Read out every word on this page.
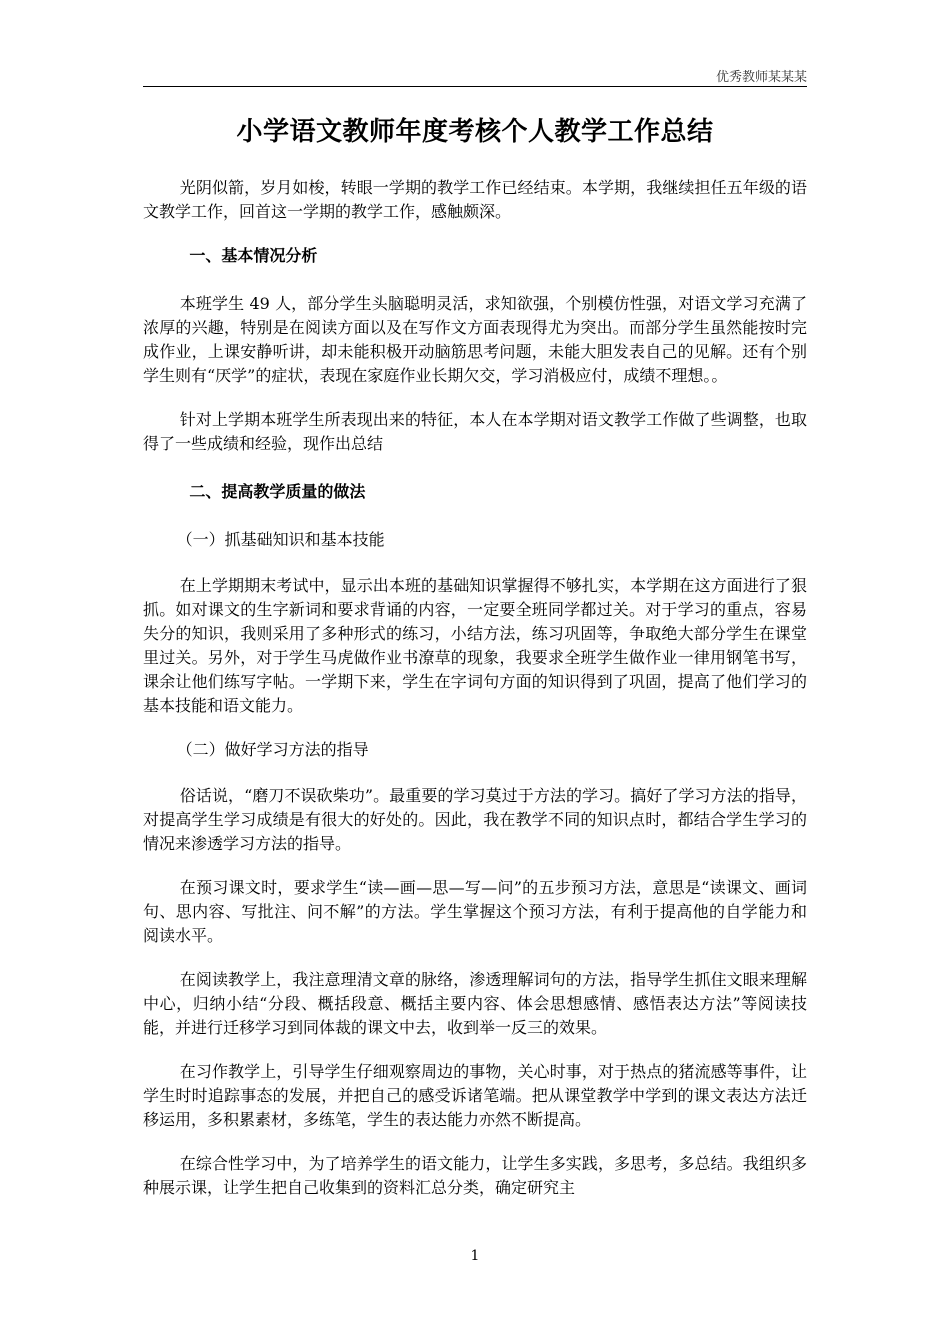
优秀教师某某某
小学语文教师年度考核个人教学工作总结

光阴似箭，岁月如梭，转眼一学期的教学工作已经结束。本学期，我继续担任五年级的语文教学工作，回首这一学期的教学工作，感触颇深。

一、基本情况分析

本班学生 49 人，部分学生头脑聪明灵活，求知欲强，个别模仿性强，对语文学习充满了浓厚的兴趣，特别是在阅读方面以及在写作文方面表现得尤为突出。而部分学生虽然能按时完成作业，上课安静听讲，却未能积极开动脑筋思考问题，未能大胆发表自己的见解。还有个别学生则有“厌学”的症状，表现在家庭作业长期欠交，学习消极应付，成绩不理想。。

针对上学期本班学生所表现出来的特征，本人在本学期对语文教学工作做了些调整，也取得了一些成绩和经验，现作出总结

二、提高教学质量的做法
（一）抓基础知识和基本技能

在上学期期末考试中，显示出本班的基础知识掌握得不够扎实，本学期在这方面进行了狠抓。如对课文的生字新词和要求背诵的内容，一定要全班同学都过关。对于学习的重点，容易失分的知识，我则采用了多种形式的练习，小结方法，练习巩固等，争取绝大部分学生在课堂里过关。另外，对于学生马虎做作业书潦草的现象，我要求全班学生做作业一律用钢笔书写，课余让他们练写字帖。一学期下来，学生在字词句方面的知识得到了巩固，提高了他们学习的基本技能和语文能力。

（二）做好学习方法的指导

俗话说，“磨刀不误砍柴功”。最重要的学习莫过于方法的学习。搞好了学习方法的指导，对提高学生学习成绩是有很大的好处的。因此，我在教学不同的知识点时，都结合学生学习的情况来渗透学习方法的指导。

在预习课文时，要求学生“读—画—思—写—问”的五步预习方法，意思是“读课文、画词句、思内容、写批注、问不解”的方法。学生掌握这个预习方法，有利于提高他的自学能力和阅读水平。

在阅读教学上，我注意理清文章的脉络，渗透理解词句的方法，指导学生抓住文眼来理解中心，归纳小结“分段、概括段意、概括主要内容、体会思想感情、感悟表达方法”等阅读技能，并进行迁移学习到同体裁的课文中去，收到举一反三的效果。

在习作教学上，引导学生仔细观察周边的事物，关心时事，对于热点的猪流感等事件，让学生时时追踪事态的发展，并把自己的感受诉诸笔端。把从课堂教学中学到的课文表达方法迁移运用，多积累素材，多练笔，学生的表达能力亦然不断提高。

在综合性学习中，为了培养学生的语文能力，让学生多实践，多思考，多总结。我组织多种展示课，让学生把自己收集到的资料汇总分类，确定研究主

1
